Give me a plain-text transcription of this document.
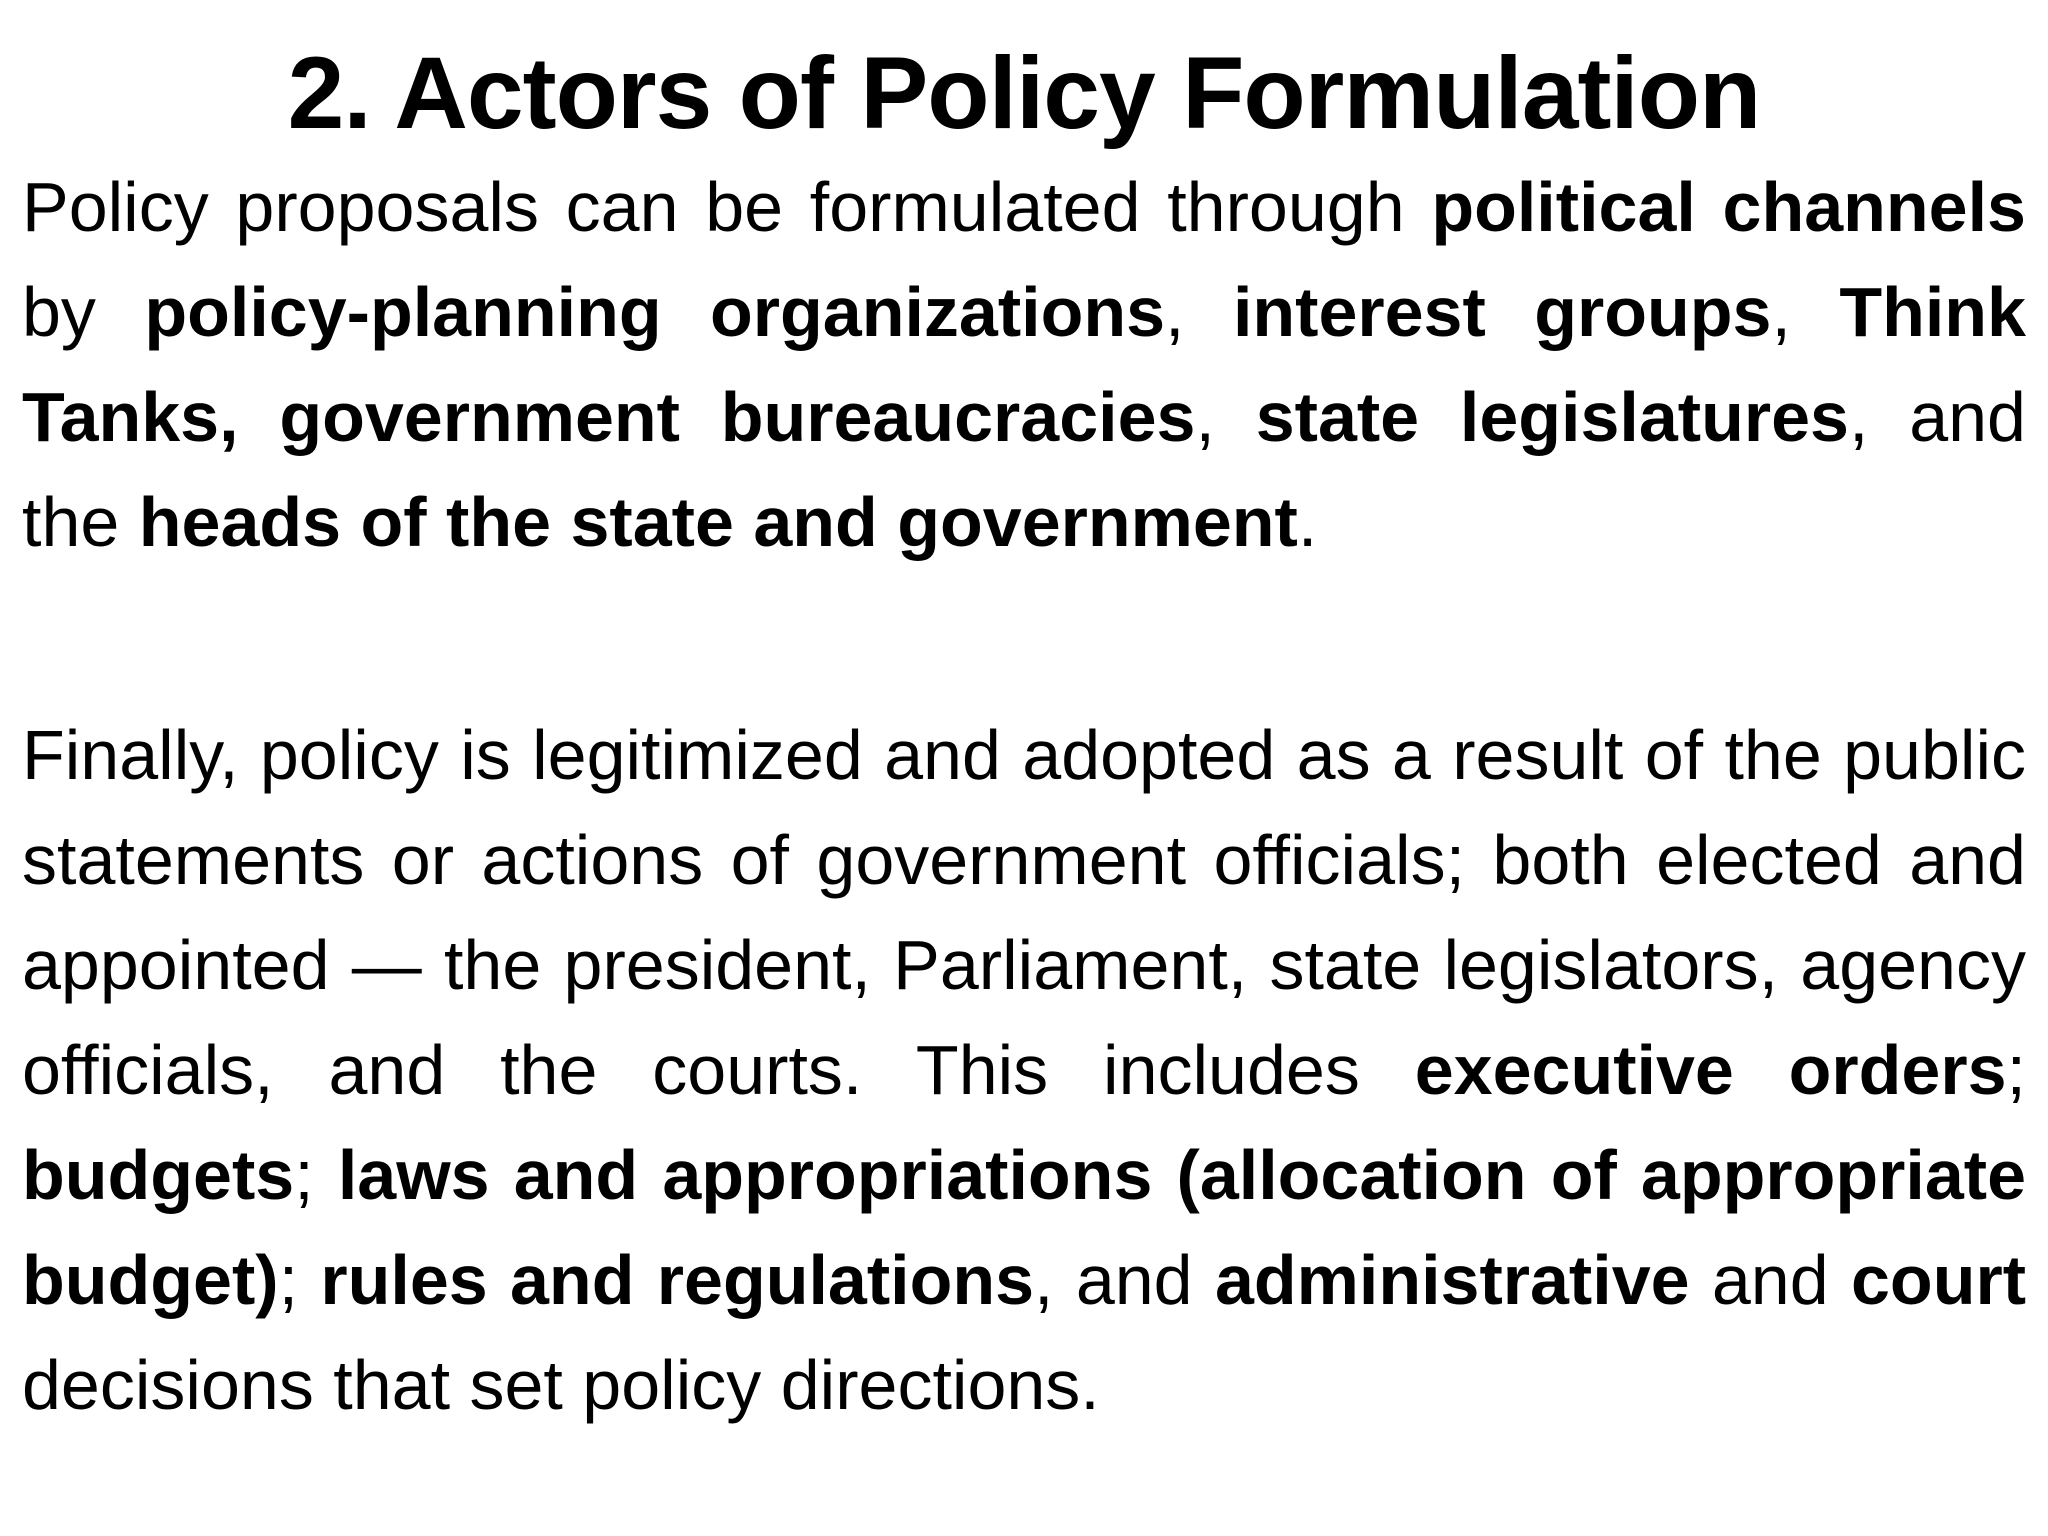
2. Actors of Policy Formulation

Policy proposals can be formulated through political channels by policy-planning organizations, interest groups, Think Tanks, government bureaucracies, state legislatures, and the heads of the state and government.

Finally, policy is legitimized and adopted as a result of the public statements or actions of government officials; both elected and appointed — the president, Parliament, state legislators, agency officials, and the courts. This includes executive orders; budgets; laws and appropriations (allocation of appropriate budget); rules and regulations, and administrative and court decisions that set policy directions.
